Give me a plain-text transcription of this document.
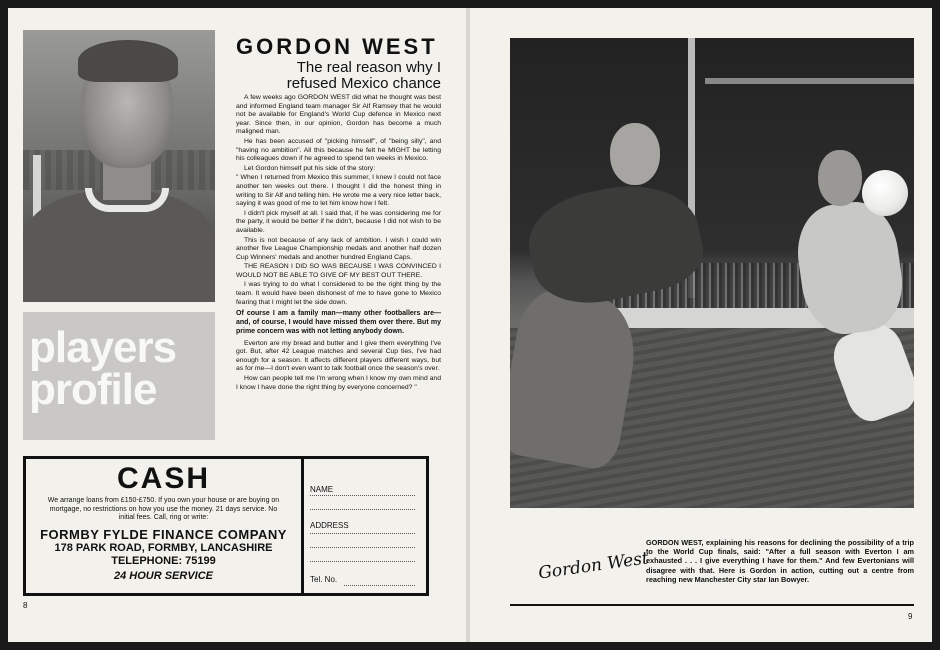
players
profile
GORDON WEST
The real reason why I
refused Mexico chance

A few weeks ago GORDON WEST did what he thought was best and informed England team manager Sir Alf Ramsey that he would not be available for England's World Cup defence in Mexico next year. Since then, in our opinion, Gordon has become a much maligned man.

He has been accused of "picking himself", of "being silly", and "having no ambition". All this because he felt he MIGHT be letting his colleagues down if he agreed to spend ten weeks in Mexico.

Let Gordon himself put his side of the story:

" When I returned from Mexico this summer, I knew I could not face another ten weeks out there. I thought I did the honest thing in writing to Sir Alf and telling him. He wrote me a very nice letter back, saying it was good of me to let him know how I felt.

I didn't pick myself at all. I said that, if he was considering me for the party, it would be better if he didn't, because I did not wish to be available.

This is not because of any lack of ambition. I wish I could win another five League Championship medals and another half dozen Cup Winners' medals and another hundred England Caps.

THE REASON I DID SO WAS BECAUSE I WAS CONVINCED I WOULD NOT BE ABLE TO GIVE OF MY BEST OUT THERE.

I was trying to do what I considered to be the right thing by the team. It would have been dishonest of me to have gone to Mexico fearing that I might let the side down.

Of course I am a family man—many other footballers are—and, of course, I would have missed them over there. But my prime concern was with not letting anybody down.

Everton are my bread and butter and I give them everything I've got. But, after 42 League matches and several Cup ties, I've had enough for a season. It affects different players different ways, but as for me—I don't even want to talk football once the season's over.

How can people tell me I'm wrong when I know my own mind and I know I have done the right thing by everyone concerned? "

CASH
We arrange loans from £150-£750. If you own your house or are buying on mortgage, no restrictions on how you use the money. 21 days service. No initial fees. Call, ring or write:
FORMBY FYLDE FINANCE COMPANY
178 PARK ROAD, FORMBY, LANCASHIRE
TELEPHONE: 75199
24 HOUR SERVICE
NAME
ADDRESS
Tel. No.
8
Gordon West
GORDON WEST, explaining his reasons for declining the possibility of a trip to the World Cup finals, said: "After a full season with Everton I am exhausted . . . I give everything I have for them." And few Evertonians will disagree with that. Here is Gordon in action, cutting out a centre from reaching new Manchester City star Ian Bowyer.
9
